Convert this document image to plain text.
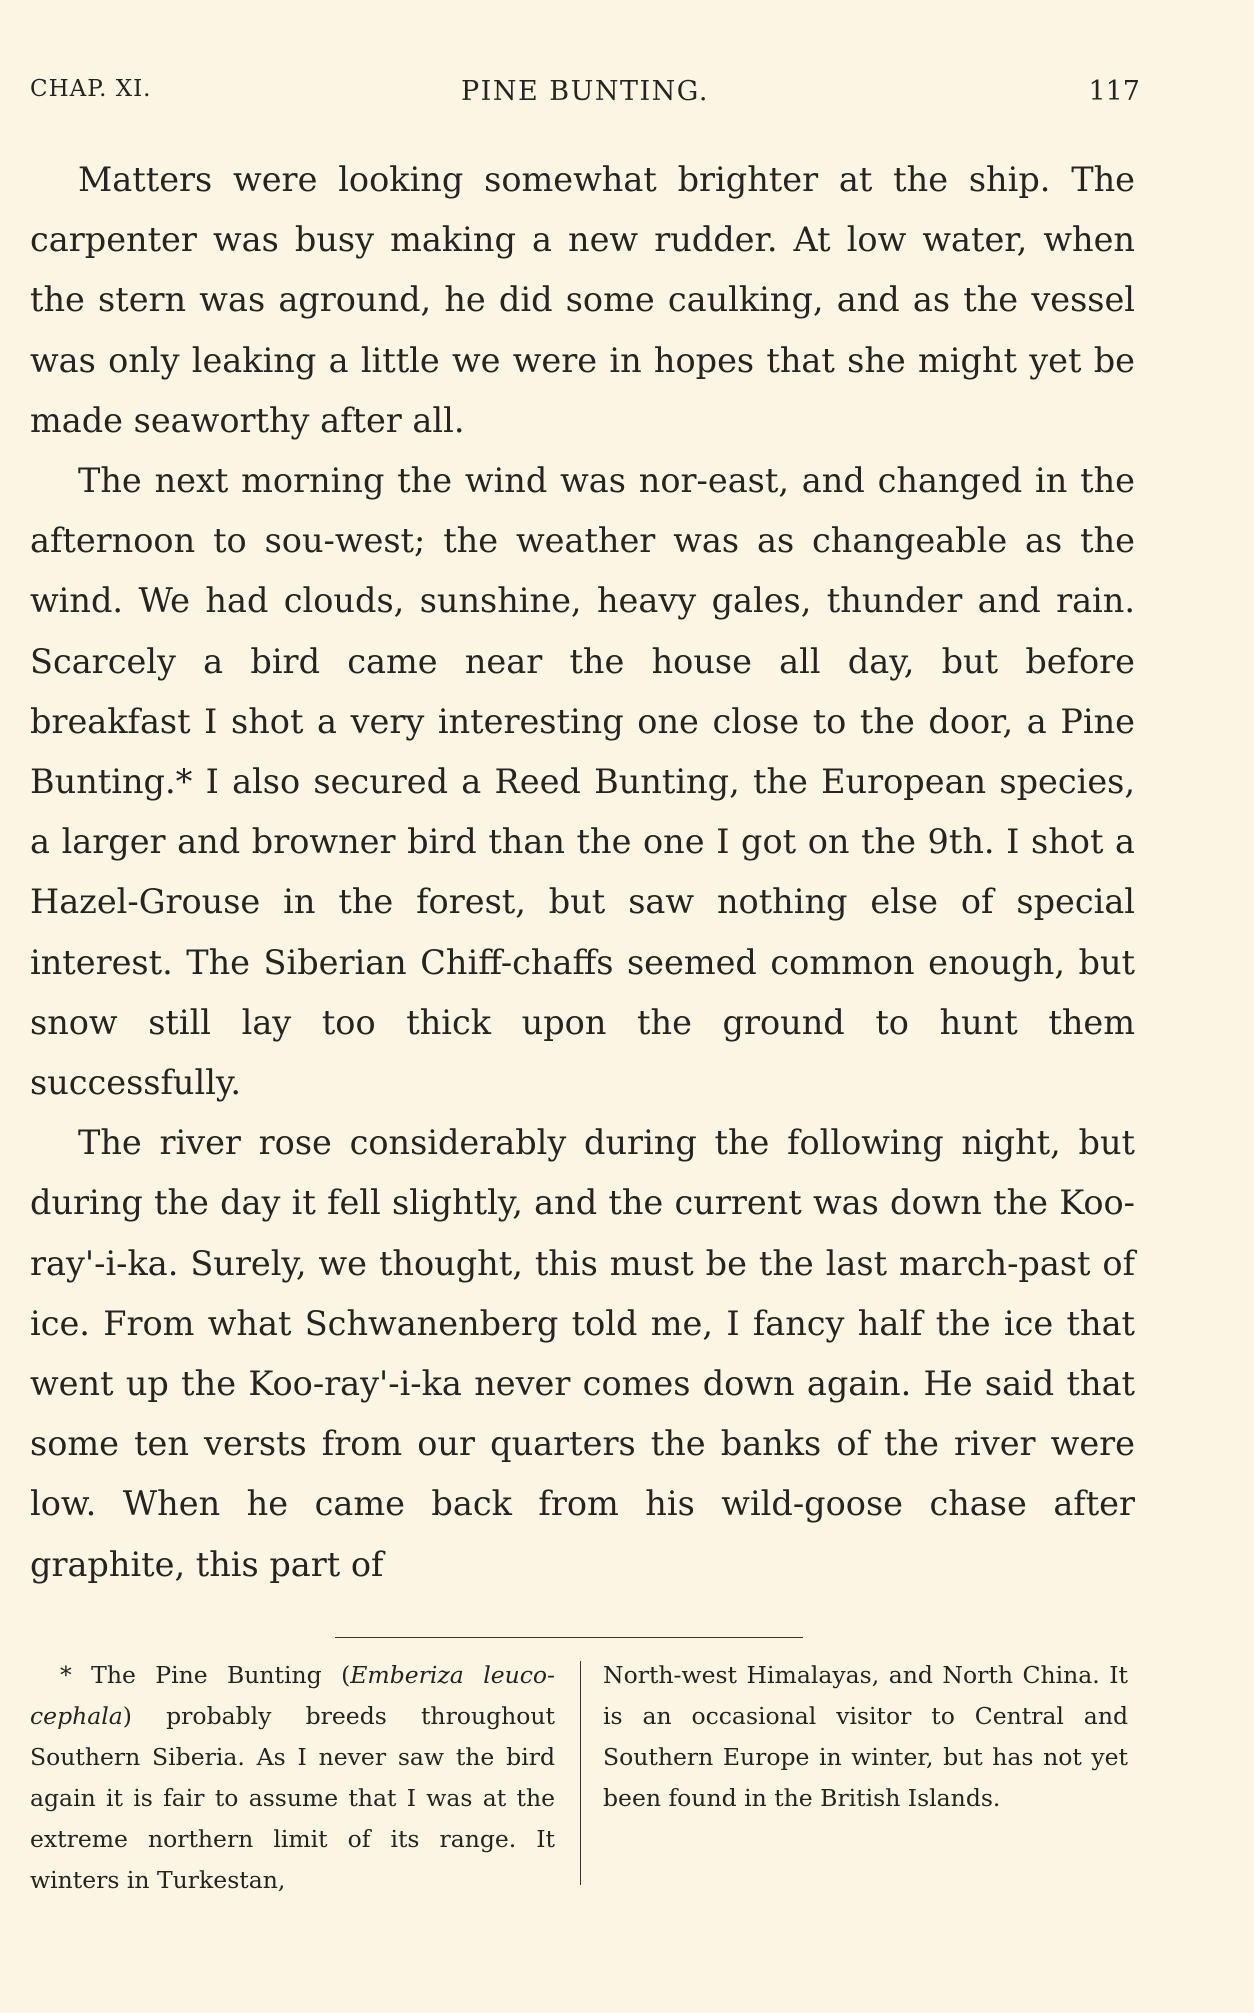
CHAP. XI.	PINE BUNTING.	117

Matters were looking somewhat brighter at the ship. The carpenter was busy making a new rudder. At low water, when the stern was aground, he did some caulking, and as the vessel was only leaking a little we were in hopes that she might yet be made seaworthy after all.

The next morning the wind was nor-east, and changed in the afternoon to sou-west; the weather was as changeable as the wind. We had clouds, sunshine, heavy gales, thunder and rain. Scarcely a bird came near the house all day, but before breakfast I shot a very interesting one close to the door, a Pine Bunting.* I also secured a Reed Bunting, the European species, a larger and browner bird than the one I got on the 9th. I shot a Hazel-Grouse in the forest, but saw nothing else of special interest. The Siberian Chiff-chaffs seemed common enough, but snow still lay too thick upon the ground to hunt them successfully.

The river rose considerably during the following night, but during the day it fell slightly, and the current was down the Koo-ray'-i-ka. Surely, we thought, this must be the last march-past of ice. From what Schwanenberg told me, I fancy half the ice that went up the Koo-ray'-i-ka never comes down again. He said that some ten versts from our quarters the banks of the river were low. When he came back from his wild-goose chase after graphite, this part of

* The Pine Bunting (Emberiza leuco-cephala) probably breeds throughout Southern Siberia. As I never saw the bird again it is fair to assume that I was at the extreme northern limit of its range. It winters in Turkestan,

North-west Himalayas, and North China. It is an occasional visitor to Central and Southern Europe in winter, but has not yet been found in the British Islands.
